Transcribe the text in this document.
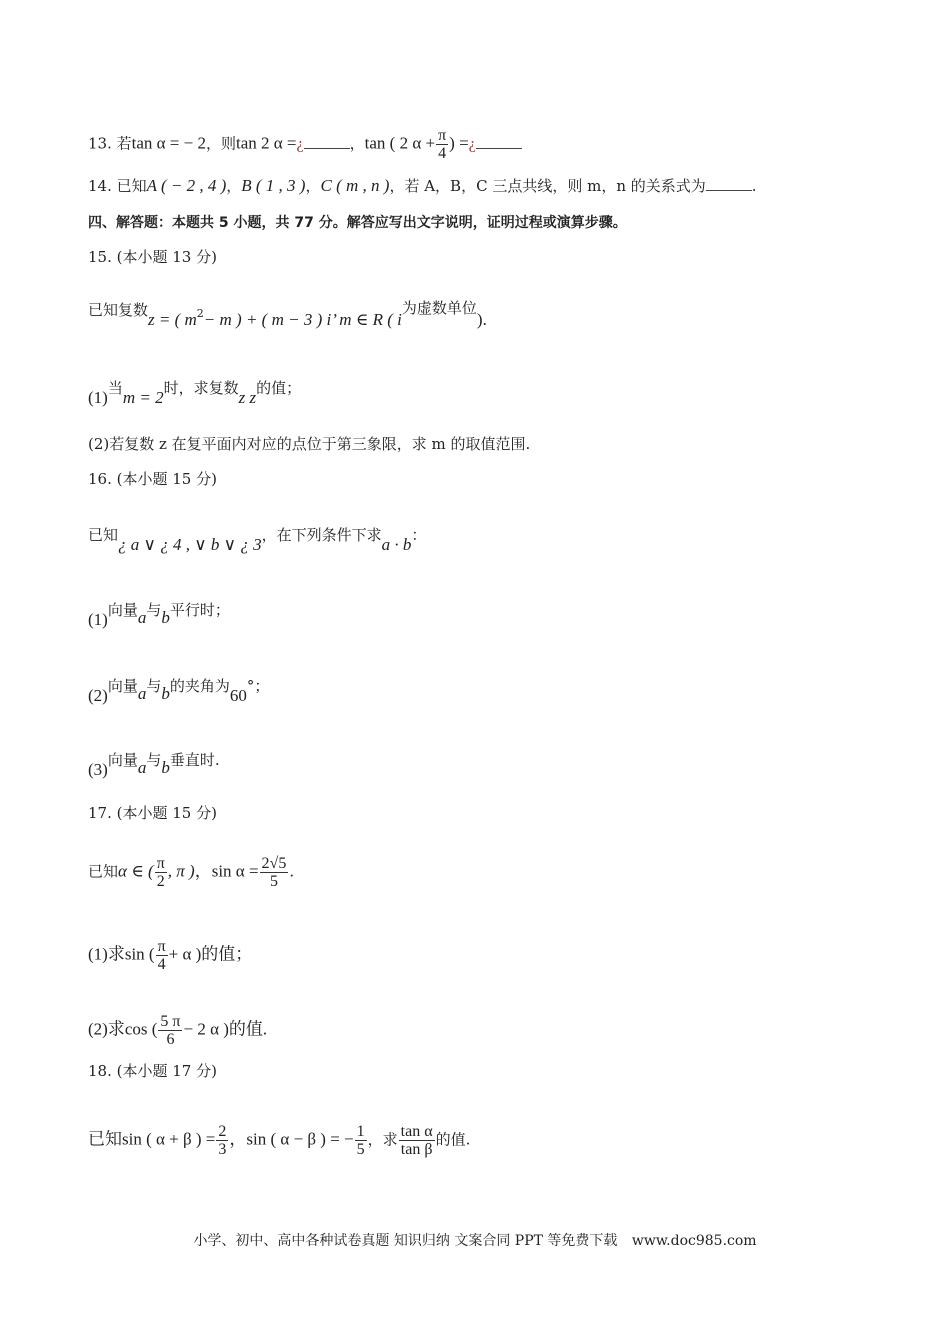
13. 若tan α = − 2，则tan 2 α =¿	，tan ( 2 $\alpha + \frac{\pi}{4}$ ) =¿
14. 已知A ( − 2 , 4 )，B ( 1 , 3 )，C ( m , n )，若 A，B，C 三点共线，则 m，n 的关系式为	.
四、解答题：本题共 5 小题，共 77 分。解答应写出文字说明，证明过程或演算步骤。
15. (本小题 13 分)
已知复数z = ( $m^2- m$ ) + ( m − 3 ) i’ m ∈ R ( i为虚数单位).
(1)当m = 2时，求复数z z的值；
(2)若复数 z 在复平面内对应的点位于第三象限，求 m 的取值范围.
16. (本小题 15 分)
已知¿ a ∨ ¿ 4 , ∨ b ∨ ¿ 3，在下列条件下求a · b：
(1)向量a与b平行时；
(2)向量a与b的夹角为60°；
(3)向量a与b垂直时.
17. (本小题 15 分)
已知α ∈ ( $\frac{\pi}{2}$ , π )，$\sin \alpha = \frac{2√5}{5}$ .
(1)求sin ( $\frac{\pi}{4} + \alpha$ )的值；
(2)求cos ( $\frac{5 \pi}{6} - 2$ α )的值.
18. (本小题 17 分)
已知sin ( α + β ) = $\frac{2}{3}$ ，sin ( α − β ) = − $\frac{1}{5}$ ，求 $\frac{\text{tan α}}{\text{tan β}}$ 的值.
小学、初中、高中各种试卷真题 知识归纳 文案合同 PPT 等免费下载 www.doc985.com
